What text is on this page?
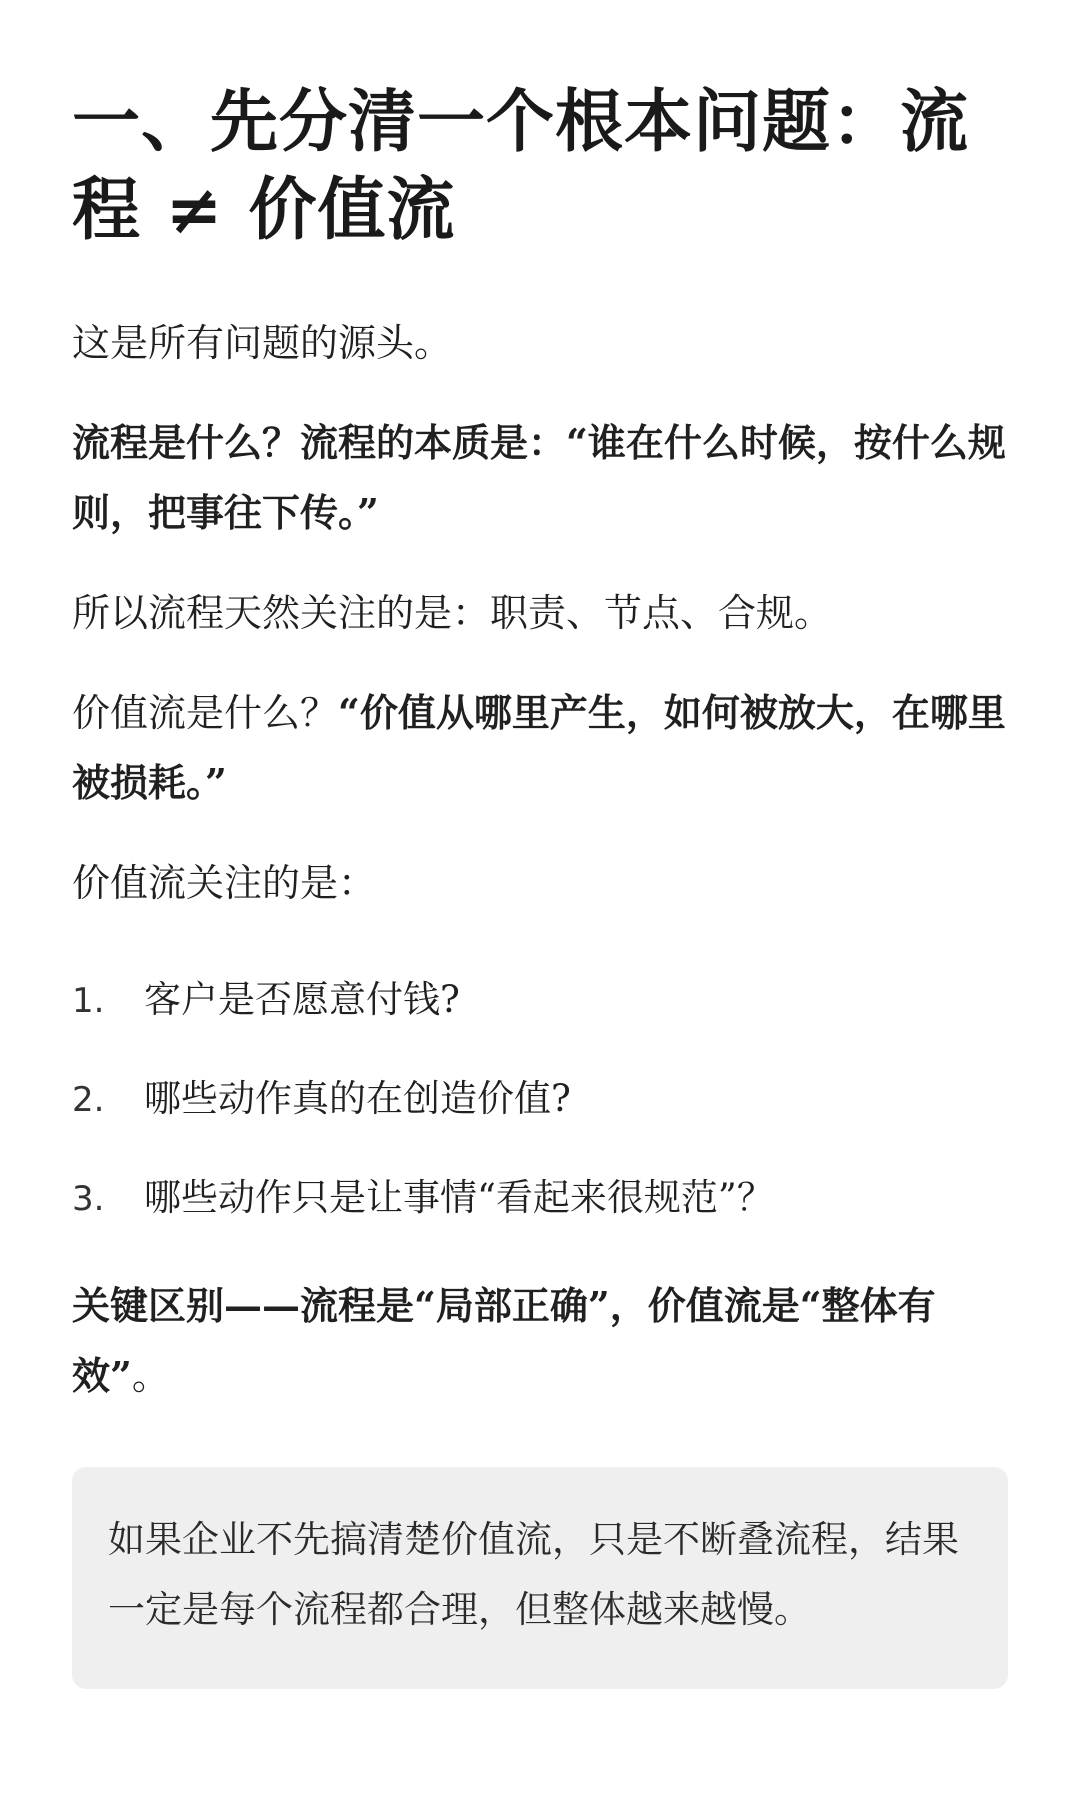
一、先分清一个根本问题：流程 ≠ 价值流

这是所有问题的源头。

流程是什么？流程的本质是：“谁在什么时候，按什么规则，把事往下传。”

所以流程天然关注的是：职责、节点、合规。

价值流是什么？“价值从哪里产生，如何被放大，在哪里被损耗。”

价值流关注的是：

1.	客户是否愿意付钱?
2.	哪些动作真的在创造价值?
3.	哪些动作只是让事情“看起来很规范”？

关键区别——流程是“局部正确”，价值流是“整体有效”。

如果企业不先搞清楚价值流，只是不断叠流程，结果一定是每个流程都合理，但整体越来越慢。
